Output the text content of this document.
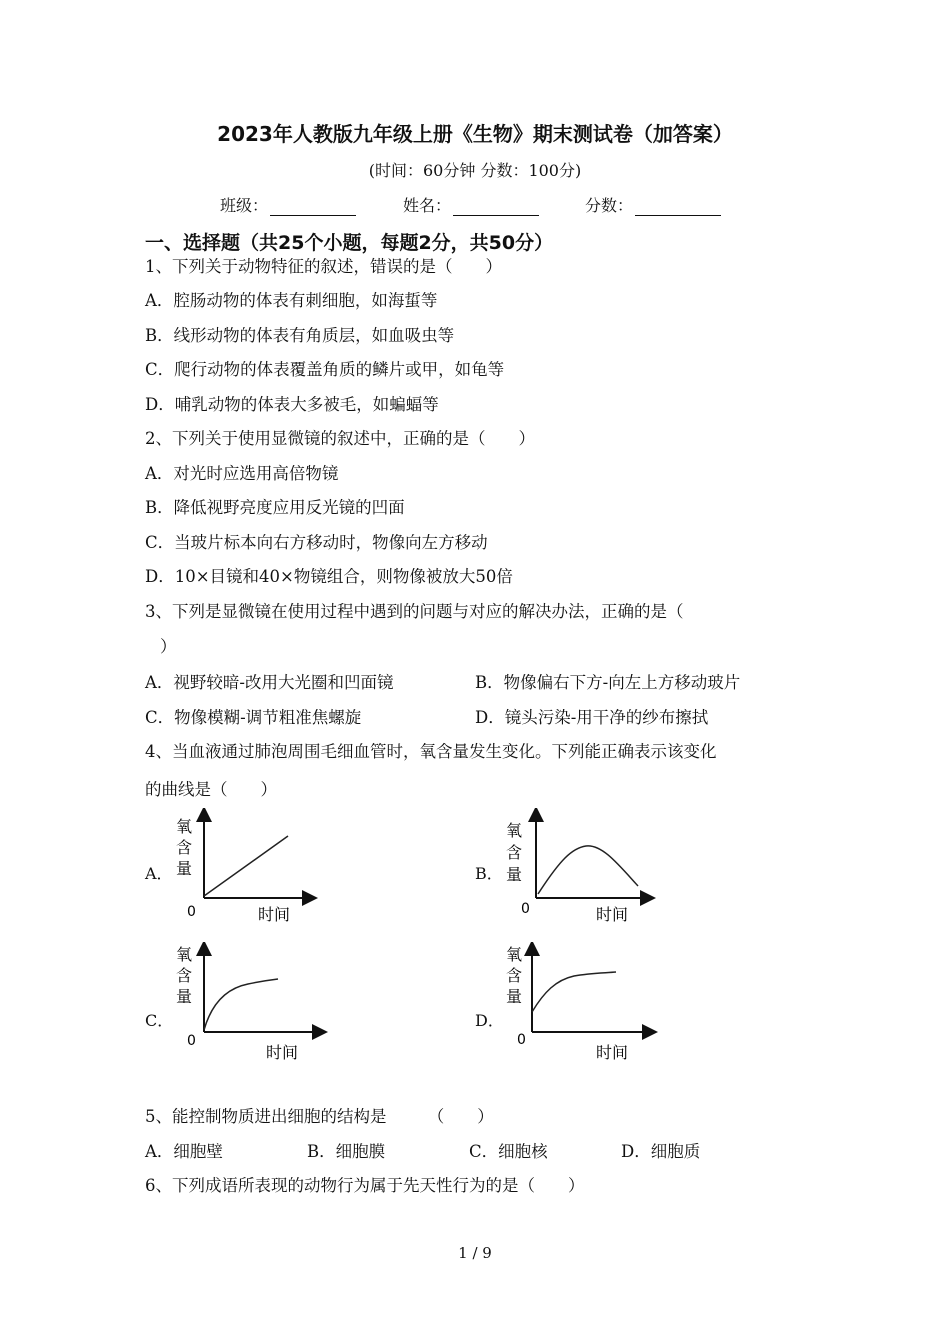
2023年人教版九年级上册《生物》期末测试卷（加答案）
(时间：60分钟 分数：100分)
班级：	姓名：	分数：
一、选择题（共25个小题，每题2分，共50分）
1、下列关于动物特征的叙述，错误的是（　　）
A．腔肠动物的体表有刺细胞，如海蜇等
B．线形动物的体表有角质层，如血吸虫等
C．爬行动物的体表覆盖角质的鳞片或甲，如龟等
D．哺乳动物的体表大多被毛，如蝙蝠等
2、下列关于使用显微镜的叙述中，正确的是（　　）
A．对光时应选用高倍物镜
B．降低视野亮度应用反光镜的凹面
C．当玻片标本向右方移动时，物像向左方移动
D．10×目镜和40×物镜组合，则物像被放大50倍
3、下列是显微镜在使用过程中遇到的问题与对应的解决办法，正确的是（
）
A．视野较暗-改用大光圈和凹面镜	B．物像偏右下方-向左上方移动玻片
C．物像模糊-调节粗准焦螺旋	D．镜头污染-用干净的纱布擦拭
4、当血液通过肺泡周围毛细血管时，氧含量发生变化。下列能正确表示该变化
的曲线是（　　）
A．	B．
C．	D．
氧
含
量
0	时间
氧
含
量
0	时间
氧
含
量
0
时间
氧
含
量
0
时间
5、能控制物质进出细胞的结构是　　　（　　）
A．细胞壁	B．细胞膜	C．细胞核	D．细胞质
6、下列成语所表现的动物行为属于先天性行为的是（　　）
1 / 9
